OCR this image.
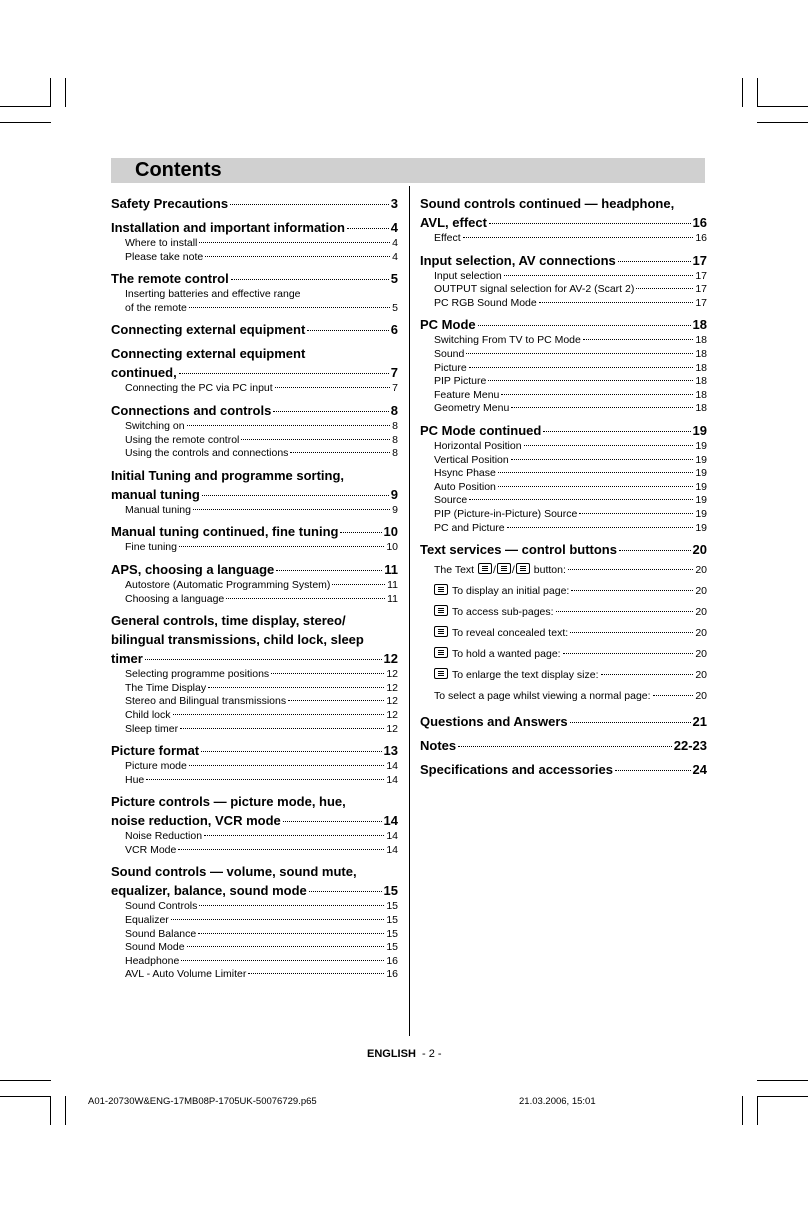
Contents
Safety Precautions	3
Installation and important information	4
Where to install	4
Please take note	4
The remote control	5
Inserting batteries and effective range
of the remote	5
Connecting external equipment	6
Connecting external equipment
continued,	7
Connecting the PC via PC input	7
Connections and controls	8
Switching on	8
Using the remote control	8
Using the controls and connections	8
Initial Tuning and programme sorting,
manual tuning	9
Manual tuning	9
Manual tuning continued, fine tuning	10
Fine tuning	10
APS, choosing a language	11
Autostore (Automatic Programming System)	11
Choosing a language	11
General controls, time display, stereo/ bilingual transmissions, child lock, sleep
timer	12
Selecting programme positions	12
The Time Display	12
Stereo and Bilingual transmissions	12
Child lock	12
Sleep timer	12
Picture format	13
Picture mode	14
Hue	14
Picture controls — picture mode, hue,
noise reduction, VCR mode	14
Noise Reduction	14
VCR Mode	14
Sound controls — volume, sound mute,
equalizer, balance, sound mode	15
Sound Controls	15
Equalizer	15
Sound Balance	15
Sound Mode	15
Headphone	16
AVL - Auto Volume Limiter	16
Sound controls continued — headphone,
AVL, effect	16
Effect	16
Input selection, AV connections	17
Input selection	17
OUTPUT signal selection for AV-2 (Scart 2)	17
PC RGB Sound Mode	17
PC Mode	18
Switching From TV to PC Mode	18
Sound	18
Picture	18
PIP Picture	18
Feature Menu	18
Geometry Menu	18
PC Mode continued	19
Horizontal Position	19
Vertical Position	19
Hsync Phase	19
Auto Position	19
Source	19
PIP (Picture-in-Picture) Source	19
PC and Picture	19
Text services — control buttons	20
The Text / / button:	20
To display an initial page:	20
To access sub-pages:	20
To reveal concealed text:	20
To hold a wanted page:	20
To enlarge the text display size:	20
To select a page whilst viewing a normal page:	20
Questions and Answers	21
Notes	22-23
Specifications and accessories	24
ENGLISH - 2 -
A01-20730W&ENG-17MB08P-1705UK-50076729.p65	21.03.2006, 15:01
